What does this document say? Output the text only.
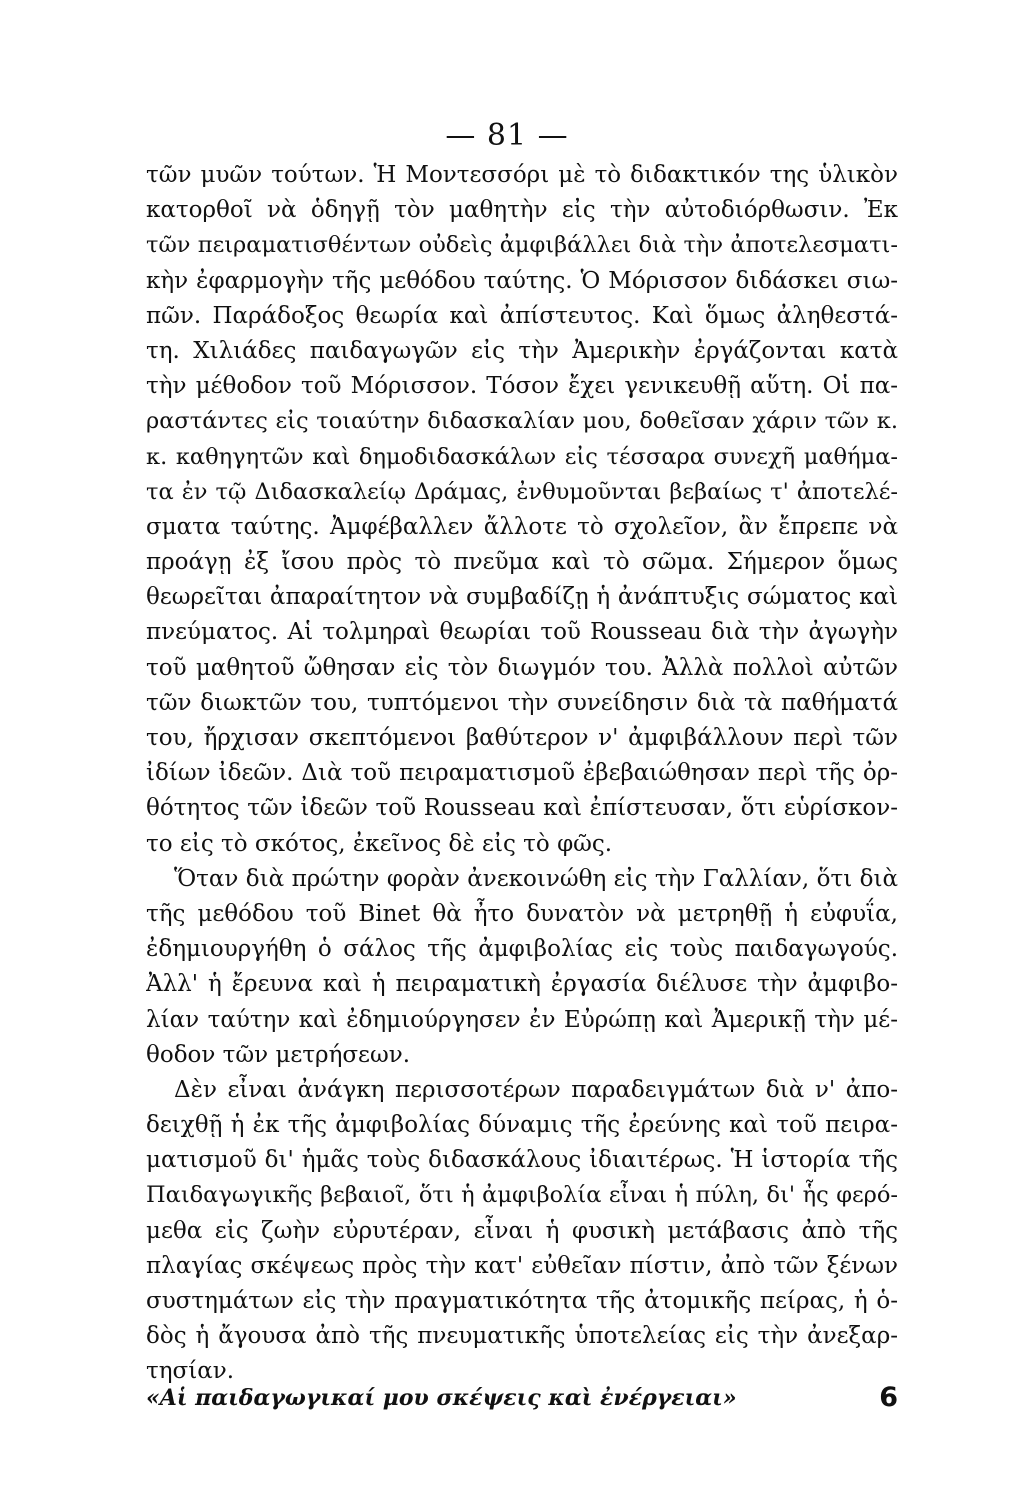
— 81 —
τῶν μυῶν τούτων. Ἡ Μοντεσσόρι μὲ τὸ διδακτικόν της ὑλικὸν
κατορθοῖ νὰ ὁδηγῇ τὸν μαθητὴν εἰς τὴν αὐτοδιόρθωσιν. Ἐκ
τῶν πειραματισθέντων οὐδεὶς ἀμφιβάλλει διὰ τὴν ἀποτελεσματι-
κὴν ἐφαρμογὴν τῆς μεθόδου ταύτης. Ὁ Μόρισσον διδάσκει σιω-
πῶν. Παράδοξος θεωρία καὶ ἀπίστευτος. Καὶ ὅμως ἀληθεστά-
τη. Χιλιάδες παιδαγωγῶν εἰς τὴν Ἀμερικὴν ἐργάζονται κατὰ
τὴν μέθοδον τοῦ Μόρισσον. Τόσον ἔχει γενικευθῇ αὕτη. Οἱ πα-
ραστάντες εἰς τοιαύτην διδασκαλίαν μου, δοθεῖσαν χάριν τῶν κ.
κ. καθηγητῶν καὶ δημοδιδασκάλων εἰς τέσσαρα συνεχῆ μαθήμα-
τα ἐν τῷ Διδασκαλείῳ Δράμας, ἐνθυμοῦνται βεβαίως τ' ἀποτελέ-
σματα ταύτης. Ἀμφέβαλλεν ἄλλοτε τὸ σχολεῖον, ἂν ἔπρεπε νὰ
προάγῃ ἐξ ἴσου πρὸς τὸ πνεῦμα καὶ τὸ σῶμα. Σήμερον ὅμως
θεωρεῖται ἀπαραίτητον νὰ συμβαδίζῃ ἡ ἀνάπτυξις σώματος καὶ
πνεύματος. Αἱ τολμηραὶ θεωρίαι τοῦ Rousseau διὰ τὴν ἀγωγὴν
τοῦ μαθητοῦ ὤθησαν εἰς τὸν διωγμόν του. Ἀλλὰ πολλοὶ αὐτῶν
τῶν διωκτῶν του, τυπτόμενοι τὴν συνείδησιν διὰ τὰ παθήματά
του, ἤρχισαν σκεπτόμενοι βαθύτερον ν' ἀμφιβάλλουν περὶ τῶν
ἰδίων ἰδεῶν. Διὰ τοῦ πειραματισμοῦ ἐβεβαιώθησαν περὶ τῆς ὀρ-
θότητος τῶν ἰδεῶν τοῦ Rousseau καὶ ἐπίστευσαν, ὅτι εὑρίσκον-
το εἰς τὸ σκότος, ἐκεῖνος δὲ εἰς τὸ φῶς.
Ὅταν διὰ πρώτην φορὰν ἀνεκοινώθη εἰς τὴν Γαλλίαν, ὅτι διὰ
τῆς μεθόδου τοῦ Binet θὰ ἦτο δυνατὸν νὰ μετρηθῇ ἡ εὐφυΐα,
ἐδημιουργήθη ὁ σάλος τῆς ἀμφιβολίας εἰς τοὺς παιδαγωγούς.
Ἀλλ' ἡ ἔρευνα καὶ ἡ πειραματικὴ ἐργασία διέλυσε τὴν ἀμφιβο-
λίαν ταύτην καὶ ἐδημιούργησεν ἐν Εὐρώπῃ καὶ Ἀμερικῇ τὴν μέ-
θοδον τῶν μετρήσεων.
Δὲν εἶναι ἀνάγκη περισσοτέρων παραδειγμάτων διὰ ν' ἀπο-
δειχθῇ ἡ ἐκ τῆς ἀμφιβολίας δύναμις τῆς ἐρεύνης καὶ τοῦ πειρα-
ματισμοῦ δι' ἡμᾶς τοὺς διδασκάλους ἰδιαιτέρως. Ἡ ἱστορία τῆς
Παιδαγωγικῆς βεβαιοῖ, ὅτι ἡ ἀμφιβολία εἶναι ἡ πύλη, δι' ἧς φερό-
μεθα εἰς ζωὴν εὐρυτέραν, εἶναι ἡ φυσικὴ μετάβασις ἀπὸ τῆς
πλαγίας σκέψεως πρὸς τὴν κατ' εὐθεῖαν πίστιν, ἀπὸ τῶν ξένων
συστημάτων εἰς τὴν πραγματικότητα τῆς ἀτομικῆς πείρας, ἡ ὁ-
δὸς ἡ ἄγουσα ἀπὸ τῆς πνευματικῆς ὑποτελείας εἰς τὴν ἀνεξαρ-
τησίαν.
«Αἱ παιδαγωγικαί μου σκέψεις καὶ ἐνέργειαι»	6
